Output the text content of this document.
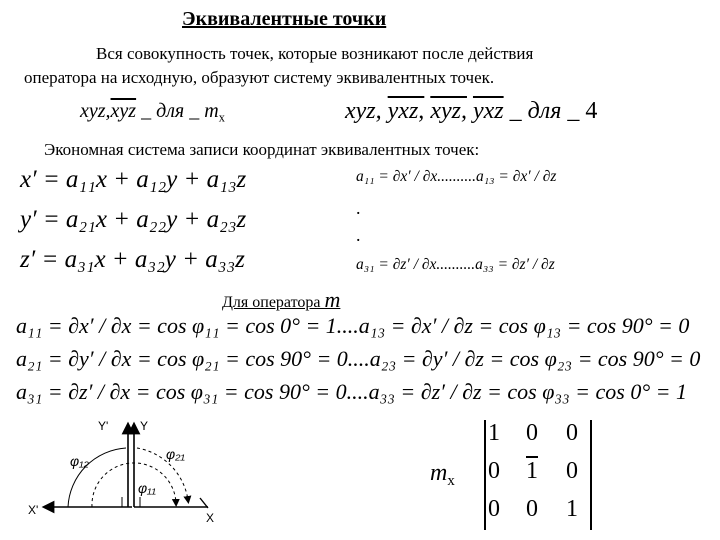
Эквивалентные точки
Вся совокупность точек, которые возникают после действия
оператора на исходную, образуют систему эквивалентных точек.
$xyz,\overline{xyz}$ _ для _ $m_x$	xyz, yxz, xyz, $\overline{yxz}$ _ для _ 4
Экономная система записи координат эквивалентных точек:
x′ = a₁₁x + a₁₂y + a₁₃z
y′ = a₂₁x + a₂₂y + a₂₃z
z′ = a₃₁x + a₃₂y + a₃₃z
a₁₁ = ∂x′ / ∂x..........a₁₃ = ∂x′ / ∂z
.
.
a₃₁ = ∂z′ / ∂x..........a₃₃ = ∂z′ / ∂z
Для оператора m
a₁₁ = ∂x′ / ∂x = cos φ₁₁ = cos 0° = 1....a₁₃ = ∂x′ / ∂z = cos φ₁₃ = cos 90° = 0
a₂₁ = ∂y′ / ∂x = cos φ₂₁ = cos 90° = 0....a₂₃ = ∂y′ / ∂z = cos φ₂₃ = cos 90° = 0
a₃₁ = ∂z′ / ∂x = cos φ₃₁ = cos 90° = 0....a₃₃ = ∂z′ / ∂z = cos φ₃₃ = cos 0° = 1
Y'	Y
X'
X
φ₁₂	φ₂₁
φ₁₁
$m_x$
1 0 0
0 1 0
0 0 1
